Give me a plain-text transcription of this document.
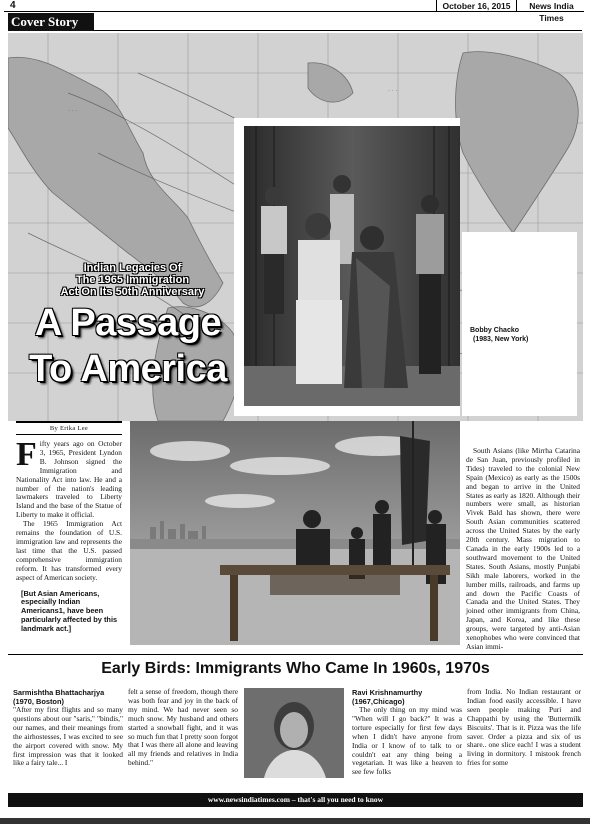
4	October 16, 2015	News India Times
Cover Story
· · ·
· · ·
Bobby Chacko
(1983, New York)
Indian Legacies Of
The 1965 Immigration
Act On Its 50th Anniversary
A Passage
To America
By Erika Lee

Fifty years ago on October 3, 1965, President Lyndon B. Johnson signed the Immigration and Nationality Act into law. He and a number of the nation's leading lawmakers traveled to Liberty Island and the base of the Statue of Liberty to make it official.

The 1965 Immigration Act remains the foundation of U.S. immigration law and represents the last time that the U.S. passed comprehensive immigration reform. It has transformed every aspect of American society.

[But Asian Americans, especially Indian Americans1, have been particularly affected by this landmark act.]

South Asians (like Mirrha Catarina de San Juan, previously profiled in Tides) traveled to the colonial New Spain (Mexico) as early as the 1500s and began to arrive in the United States as early as 1820. Although their numbers were small, as historian Vivek Bald has shown, there were South Asian communities scattered across the United States by the early 20th century. Mass migration to Canada in the early 1900s led to a southward movement to the United States. South Asians, mostly Punjabi Sikh male laborers, worked in the lumber mills, railroads, and farms up and down the Pacific Coasts of Canada and the United States. They joined other immigrants from China, Japan, and Korea, and like these groups, were targeted by anti-Asian xenophobes who were convinced that Asian immi-

Early Birds: Immigrants Who Came In 1960s, 1970s
Sarmishtha Bhattacharjya
(1970, Boston)

"After my first flights and so many questions about our "saris," "bindis," our names, and their meanings from the airhostesses, I was excited to see the airport covered with snow. My first impression was that it looked like a fairy tale... I

felt a sense of freedom, though there was both fear and joy in the back of my mind. We had never seen so much snow. My husband and others started a snowball fight, and it was so much fun that I pretty soon forgot that I was there all alone and leaving all my friends and relatives in India behind."

Ravi Krishnamurthy
(1967,Chicago)

The only thing on my mind was "When will I go back?" It was a torture especially for first few days when I didn't have anyone from India or I know of to talk to or couldn't eat any thing being a vegetarian. It was like a heaven to see few folks

from India. No Indian restaurant or Indian food easily accessible. I have seen people making Puri and Chappathi by using the 'Buttermilk Biscuits'. That is it. Pizza was the life saver. Order a pizza and six of us share.. one slice each! I was a student living in dormitory. I mistook french fries for some

www.newsindiatimes.com – that's all you need to know
